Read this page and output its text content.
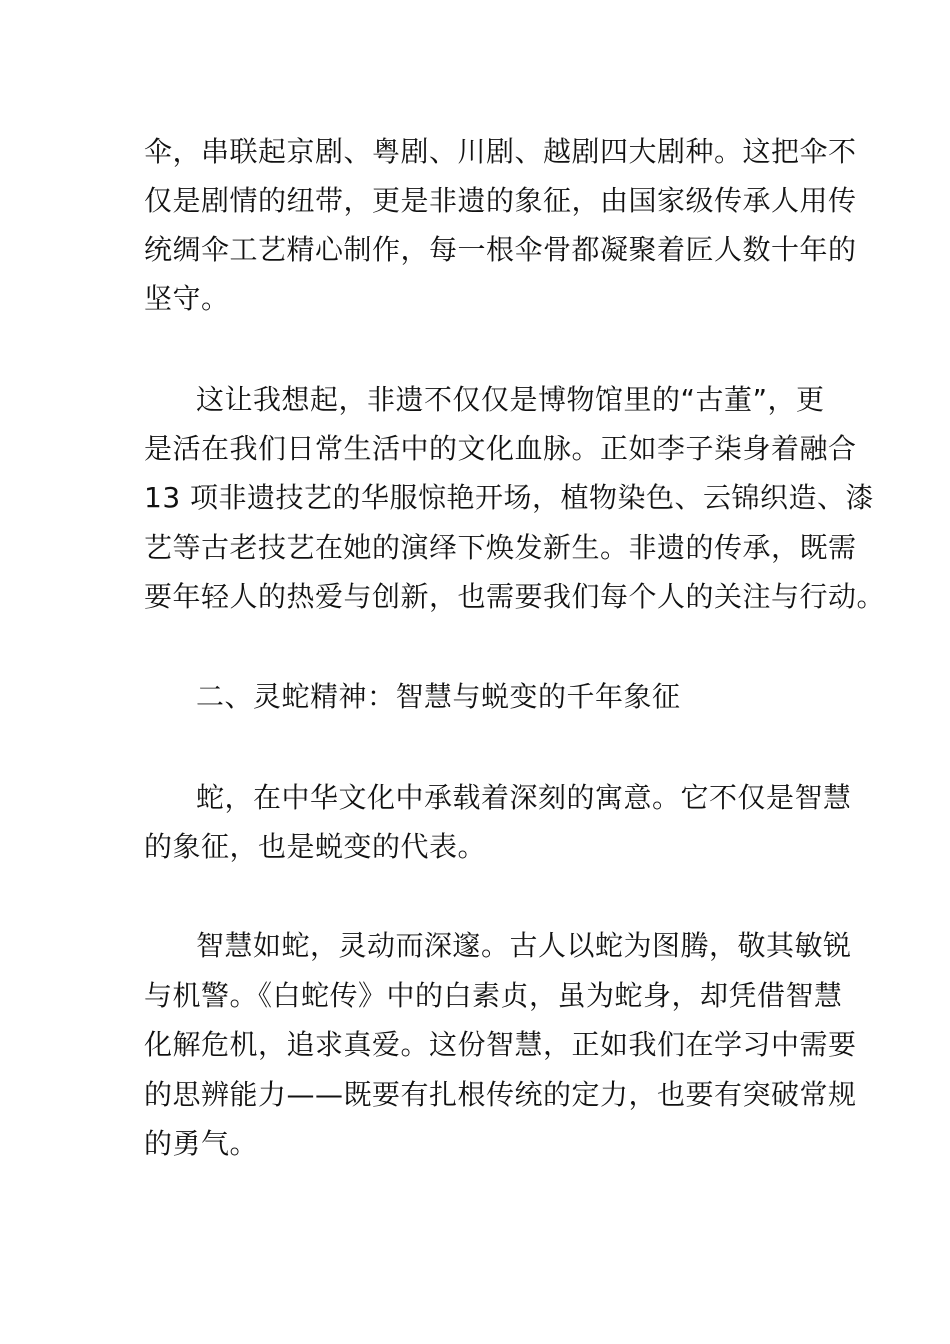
伞，串联起京剧、粤剧、川剧、越剧四大剧种。这把伞不
仅是剧情的纽带，更是非遗的象征，由国家级传承人用传
统绸伞工艺精心制作，每一根伞骨都凝聚着匠人数十年的
坚守。
这让我想起，非遗不仅仅是博物馆里的“古董”，更
是活在我们日常生活中的文化血脉。正如李子柒身着融合
13 项非遗技艺的华服惊艳开场，植物染色、云锦织造、漆
艺等古老技艺在她的演绎下焕发新生。非遗的传承，既需
要年轻人的热爱与创新，也需要我们每个人的关注与行动。
二、灵蛇精神：智慧与蜕变的千年象征
蛇，在中华文化中承载着深刻的寓意。它不仅是智慧
的象征，也是蜕变的代表。
智慧如蛇，灵动而深邃。古人以蛇为图腾，敬其敏锐
与机警。《白蛇传》中的白素贞，虽为蛇身，却凭借智慧
化解危机，追求真爱。这份智慧，正如我们在学习中需要
的思辨能力——既要有扎根传统的定力，也要有突破常规
的勇气。
